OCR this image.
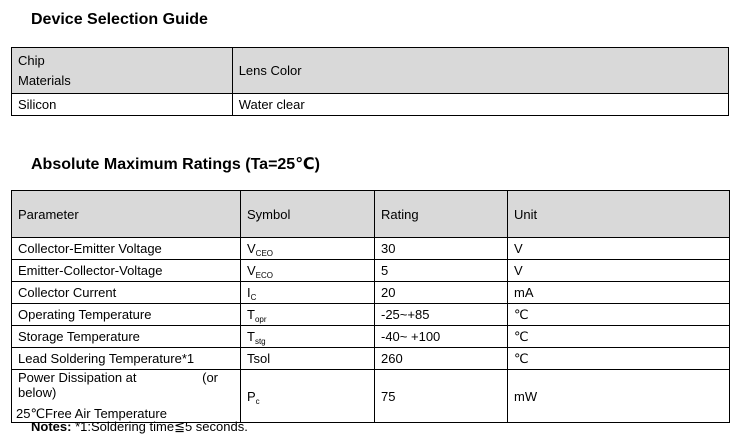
Device Selection Guide
Chip
Materials	Lens Color
Silicon	Water clear
Absolute Maximum Ratings (Ta=25℃)
Parameter	Symbol	Rating	Unit
Collector-Emitter Voltage	$V_{CEO}$	30	V
Emitter-Collector-Voltage	$V_{ECO}$	5	V
Collector Current	$I_C$	20	mA
Operating Temperature	$T_{opr}$	-25~+85	℃
Storage Temperature	$T_{stg}$	-40~ +100	℃
Lead Soldering Temperature*1	Tsol	260	℃

Power Dissipation at (or
below)
25℃Free Air Temperature	$P_c$	75	mW

Notes: *1:Soldering time≦5 seconds.
